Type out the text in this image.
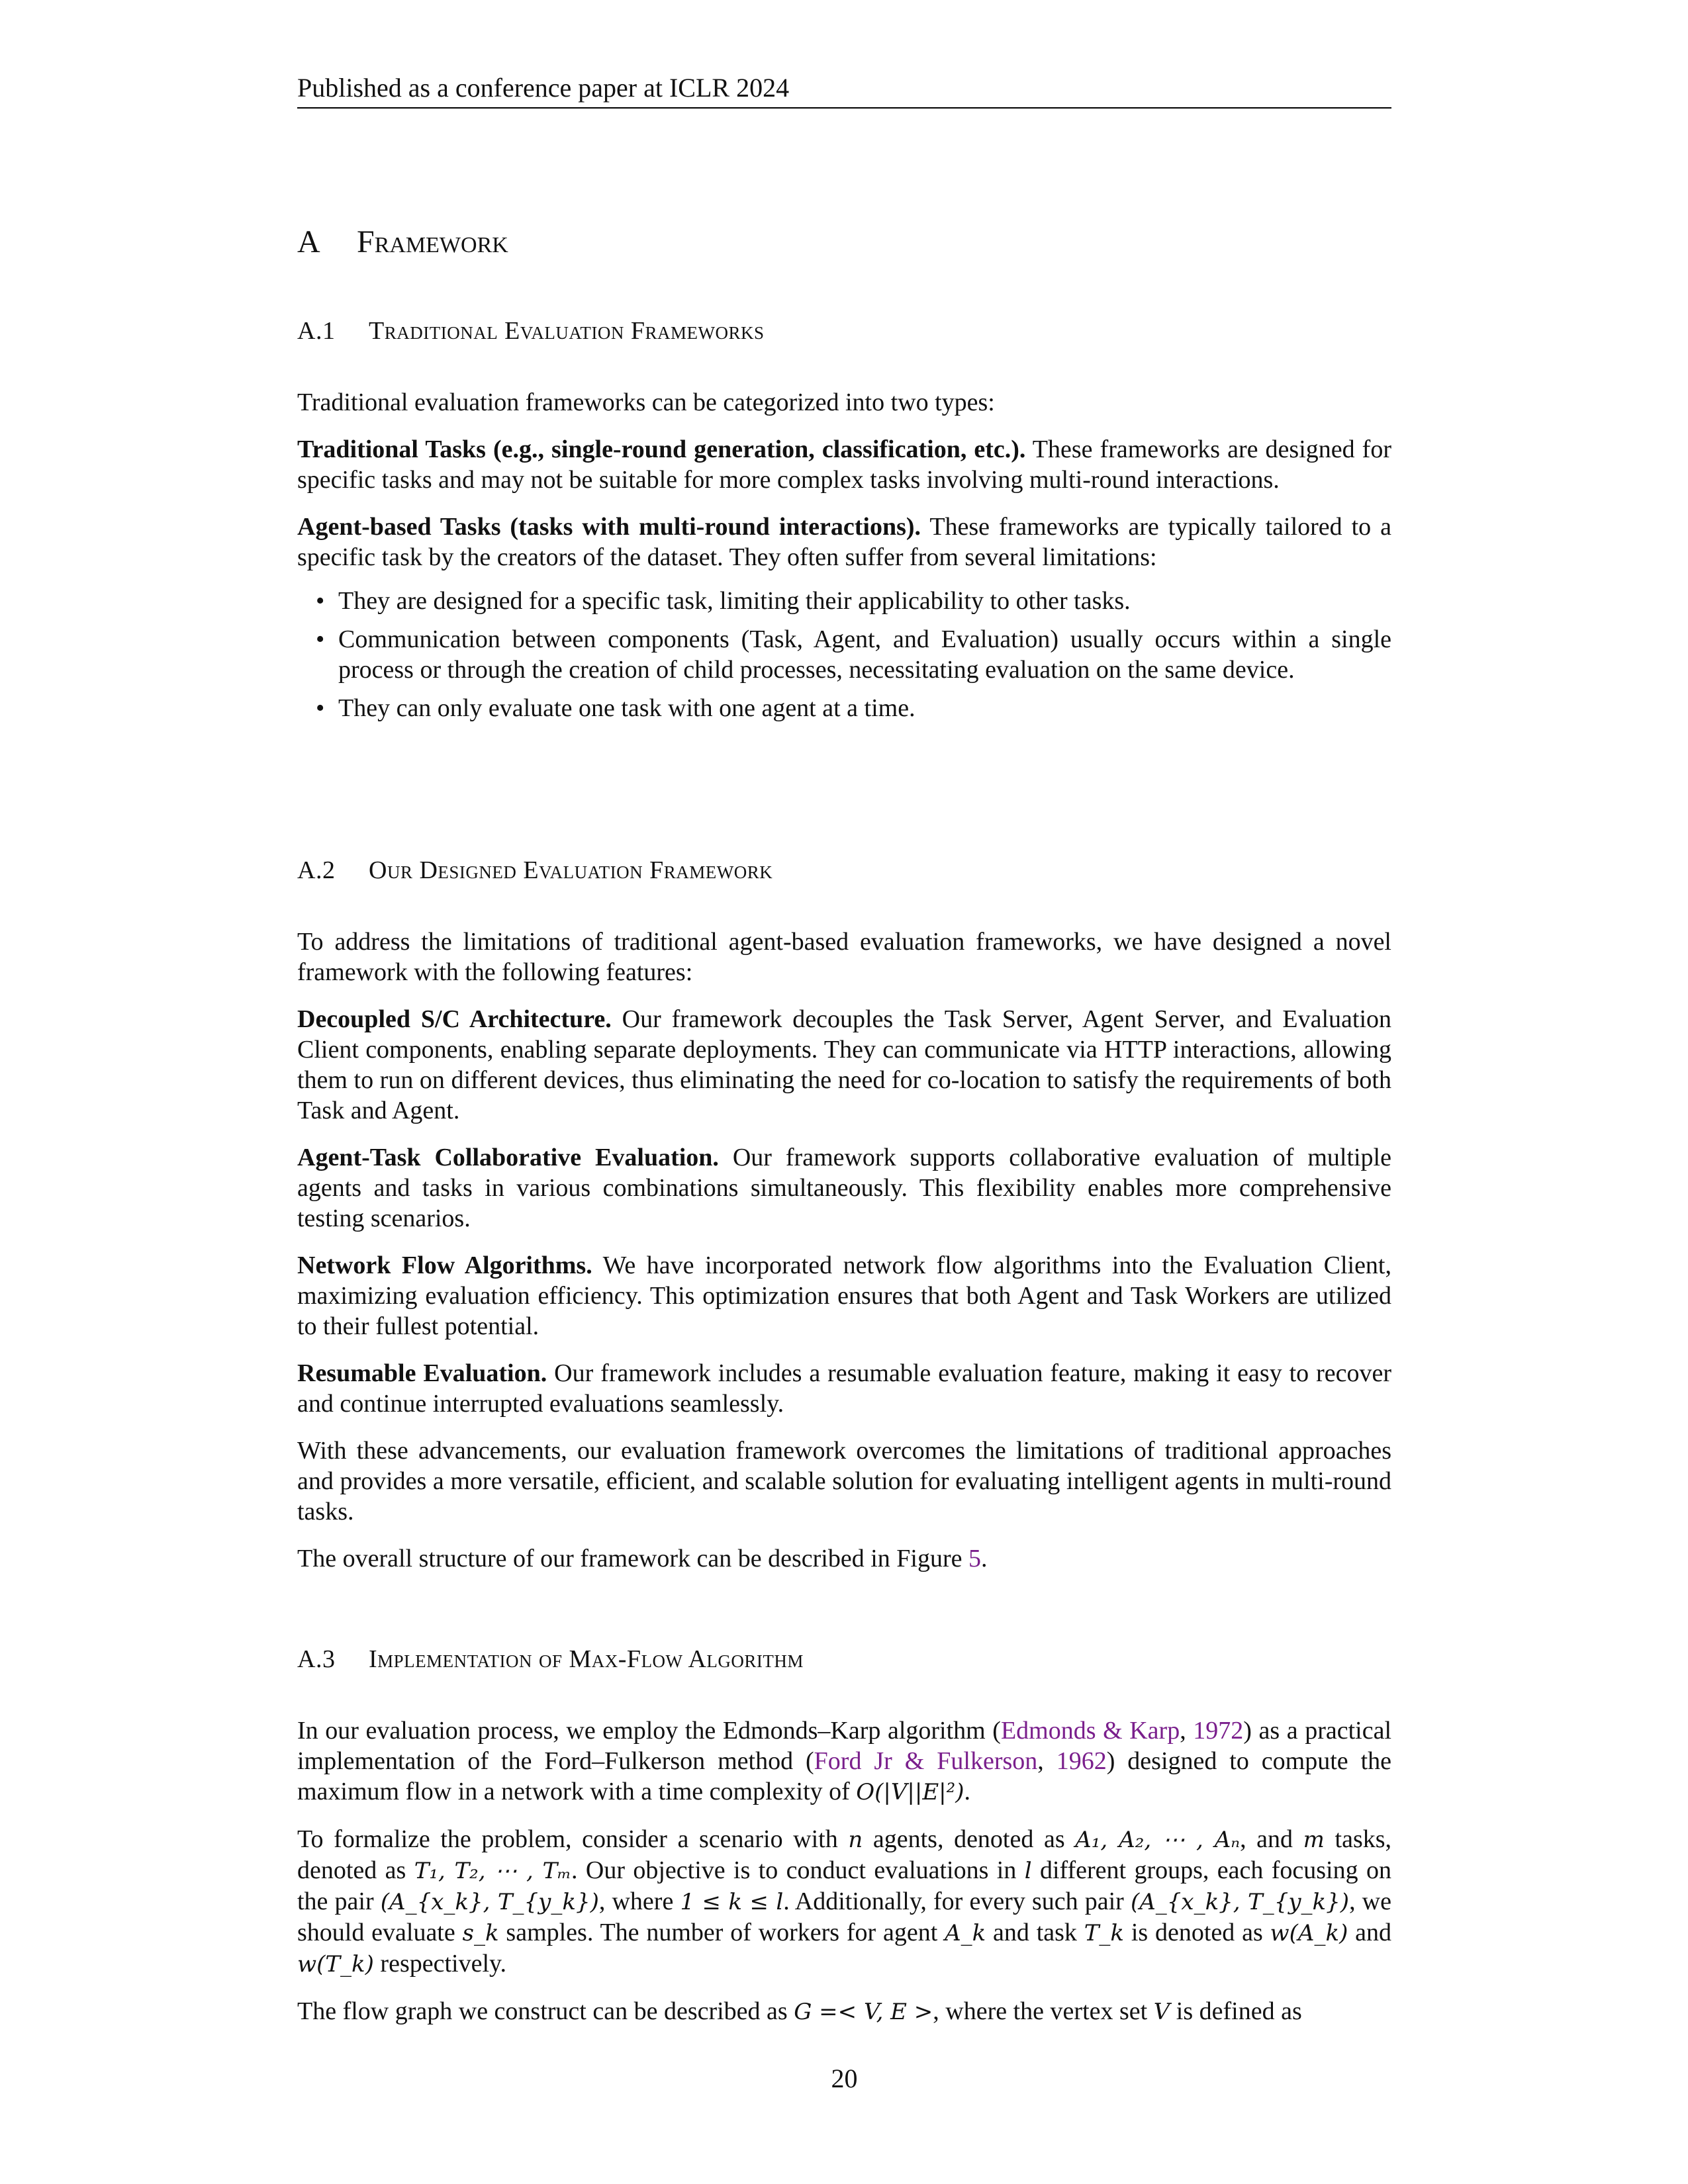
Published as a conference paper at ICLR 2024
A Framework
A.1 Traditional Evaluation Frameworks

Traditional evaluation frameworks can be categorized into two types:

Traditional Tasks (e.g., single-round generation, classification, etc.). These frameworks are designed for specific tasks and may not be suitable for more complex tasks involving multi-round interactions.

Agent-based Tasks (tasks with multi-round interactions). These frameworks are typically tailored to a specific task by the creators of the dataset. They often suffer from several limitations:

• They are designed for a specific task, limiting their applicability to other tasks.
• Communication between components (Task, Agent, and Evaluation) usually occurs within a single process or through the creation of child processes, necessitating evaluation on the same device.
• They can only evaluate one task with one agent at a time.
A.2 Our Designed Evaluation Framework

To address the limitations of traditional agent-based evaluation frameworks, we have designed a novel framework with the following features:

Decoupled S/C Architecture. Our framework decouples the Task Server, Agent Server, and Evaluation Client components, enabling separate deployments. They can communicate via HTTP interactions, allowing them to run on different devices, thus eliminating the need for co-location to satisfy the requirements of both Task and Agent.

Agent-Task Collaborative Evaluation. Our framework supports collaborative evaluation of multiple agents and tasks in various combinations simultaneously. This flexibility enables more comprehensive testing scenarios.

Network Flow Algorithms. We have incorporated network flow algorithms into the Evaluation Client, maximizing evaluation efficiency. This optimization ensures that both Agent and Task Workers are utilized to their fullest potential.

Resumable Evaluation. Our framework includes a resumable evaluation feature, making it easy to recover and continue interrupted evaluations seamlessly.

With these advancements, our evaluation framework overcomes the limitations of traditional approaches and provides a more versatile, efficient, and scalable solution for evaluating intelligent agents in multi-round tasks.

The overall structure of our framework can be described in Figure 5.

A.3 Implementation of Max-Flow Algorithm

In our evaluation process, we employ the Edmonds–Karp algorithm (Edmonds & Karp, 1972) as a practical implementation of the Ford–Fulkerson method (Ford Jr & Fulkerson, 1962) designed to compute the maximum flow in a network with a time complexity of O(|V||E|²).

To formalize the problem, consider a scenario with n agents, denoted as A₁, A₂, ⋯ , Aₙ, and m tasks, denoted as T₁, T₂, ⋯ , Tₘ. Our objective is to conduct evaluations in l different groups, each focusing on the pair (A_{x_k}, T_{y_k}), where 1 ≤ k ≤ l. Additionally, for every such pair (A_{x_k}, T_{y_k}), we should evaluate s_k samples. The number of workers for agent A_k and task T_k is denoted as w(A_k) and w(T_k) respectively.

The flow graph we construct can be described as G =< V, E >, where the vertex set V is defined as

20
